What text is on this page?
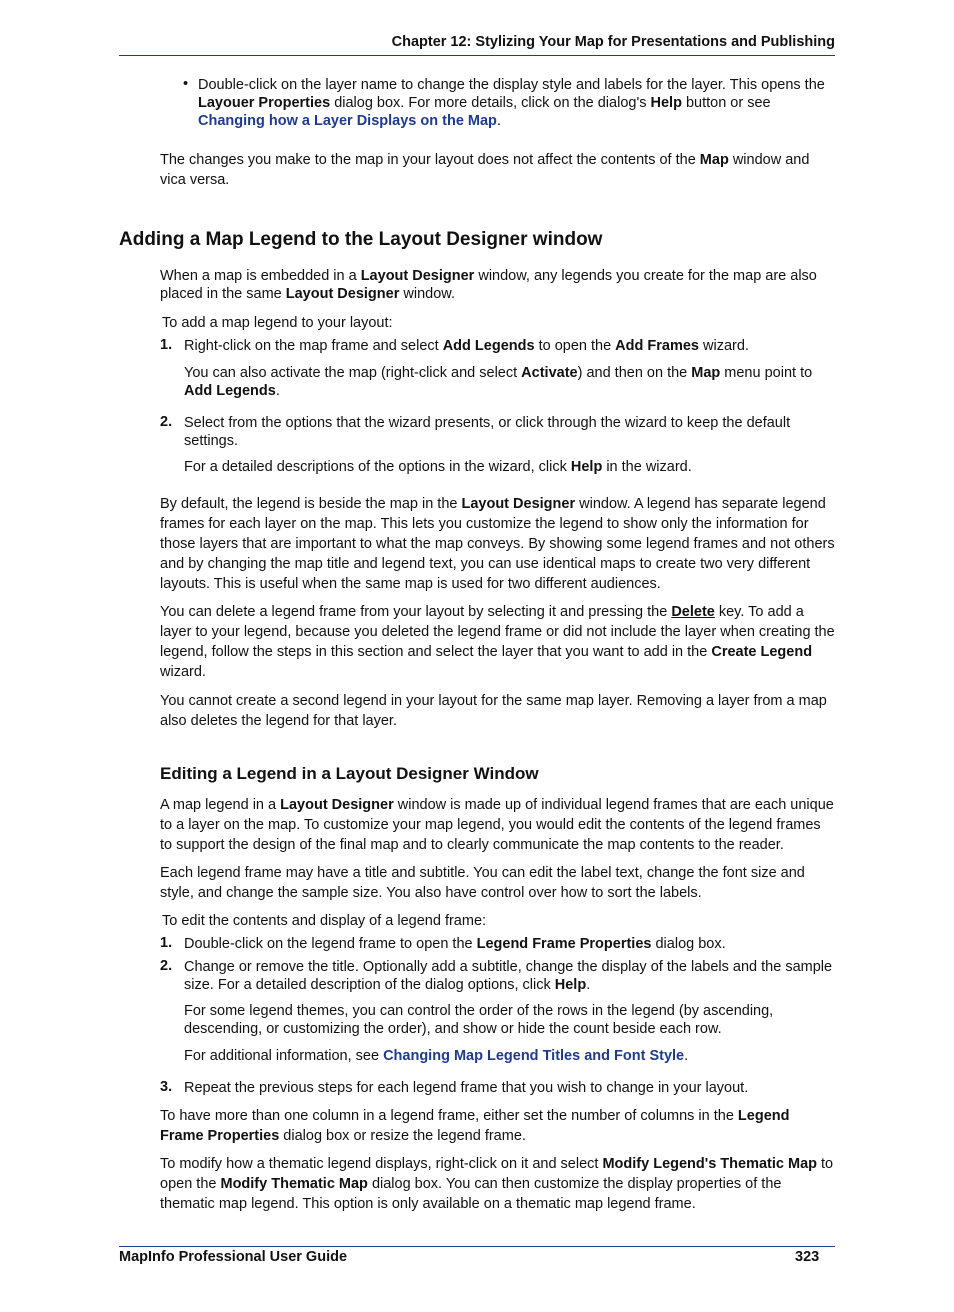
Chapter 12: Stylizing Your Map for Presentations and Publishing
• Double-click on the layer name to change the display style and labels for the layer. This opens the Layouer Properties dialog box. For more details, click on the dialog's Help button or see Changing how a Layer Displays on the Map.

The changes you make to the map in your layout does not affect the contents of the Map window and vica versa.

Adding a Map Legend to the Layout Designer window

When a map is embedded in a Layout Designer window, any legends you create for the map are also placed in the same Layout Designer window.

To add a map legend to your layout:

1. Right-click on the map frame and select Add Legends to open the Add Frames wizard.

You can also activate the map (right-click and select Activate) and then on the Map menu point to Add Legends.

2. Select from the options that the wizard presents, or click through the wizard to keep the default settings.

For a detailed descriptions of the options in the wizard, click Help in the wizard.

By default, the legend is beside the map in the Layout Designer window. A legend has separate legend frames for each layer on the map. This lets you customize the legend to show only the information for those layers that are important to what the map conveys. By showing some legend frames and not others and by changing the map title and legend text, you can use identical maps to create two very different layouts. This is useful when the same map is used for two different audiences.

You can delete a legend frame from your layout by selecting it and pressing the Delete key. To add a layer to your legend, because you deleted the legend frame or did not include the layer when creating the legend, follow the steps in this section and select the layer that you want to add in the Create Legend wizard.

You cannot create a second legend in your layout for the same map layer. Removing a layer from a map also deletes the legend for that layer.

Editing a Legend in a Layout Designer Window

A map legend in a Layout Designer window is made up of individual legend frames that are each unique to a layer on the map. To customize your map legend, you would edit the contents of the legend frames to support the design of the final map and to clearly communicate the map contents to the reader.

Each legend frame may have a title and subtitle. You can edit the label text, change the font size and style, and change the sample size. You also have control over how to sort the labels.

To edit the contents and display of a legend frame:

1. Double-click on the legend frame to open the Legend Frame Properties dialog box.

2. Change or remove the title. Optionally add a subtitle, change the display of the labels and the sample size. For a detailed description of the dialog options, click Help.

For some legend themes, you can control the order of the rows in the legend (by ascending, descending, or customizing the order), and show or hide the count beside each row.

For additional information, see Changing Map Legend Titles and Font Style.

3. Repeat the previous steps for each legend frame that you wish to change in your layout.

To have more than one column in a legend frame, either set the number of columns in the Legend Frame Properties dialog box or resize the legend frame.

To modify how a thematic legend displays, right-click on it and select Modify Legend's Thematic Map to open the Modify Thematic Map dialog box. You can then customize the display properties of the thematic map legend. This option is only available on a thematic map legend frame.

MapInfo Professional User Guide	323
